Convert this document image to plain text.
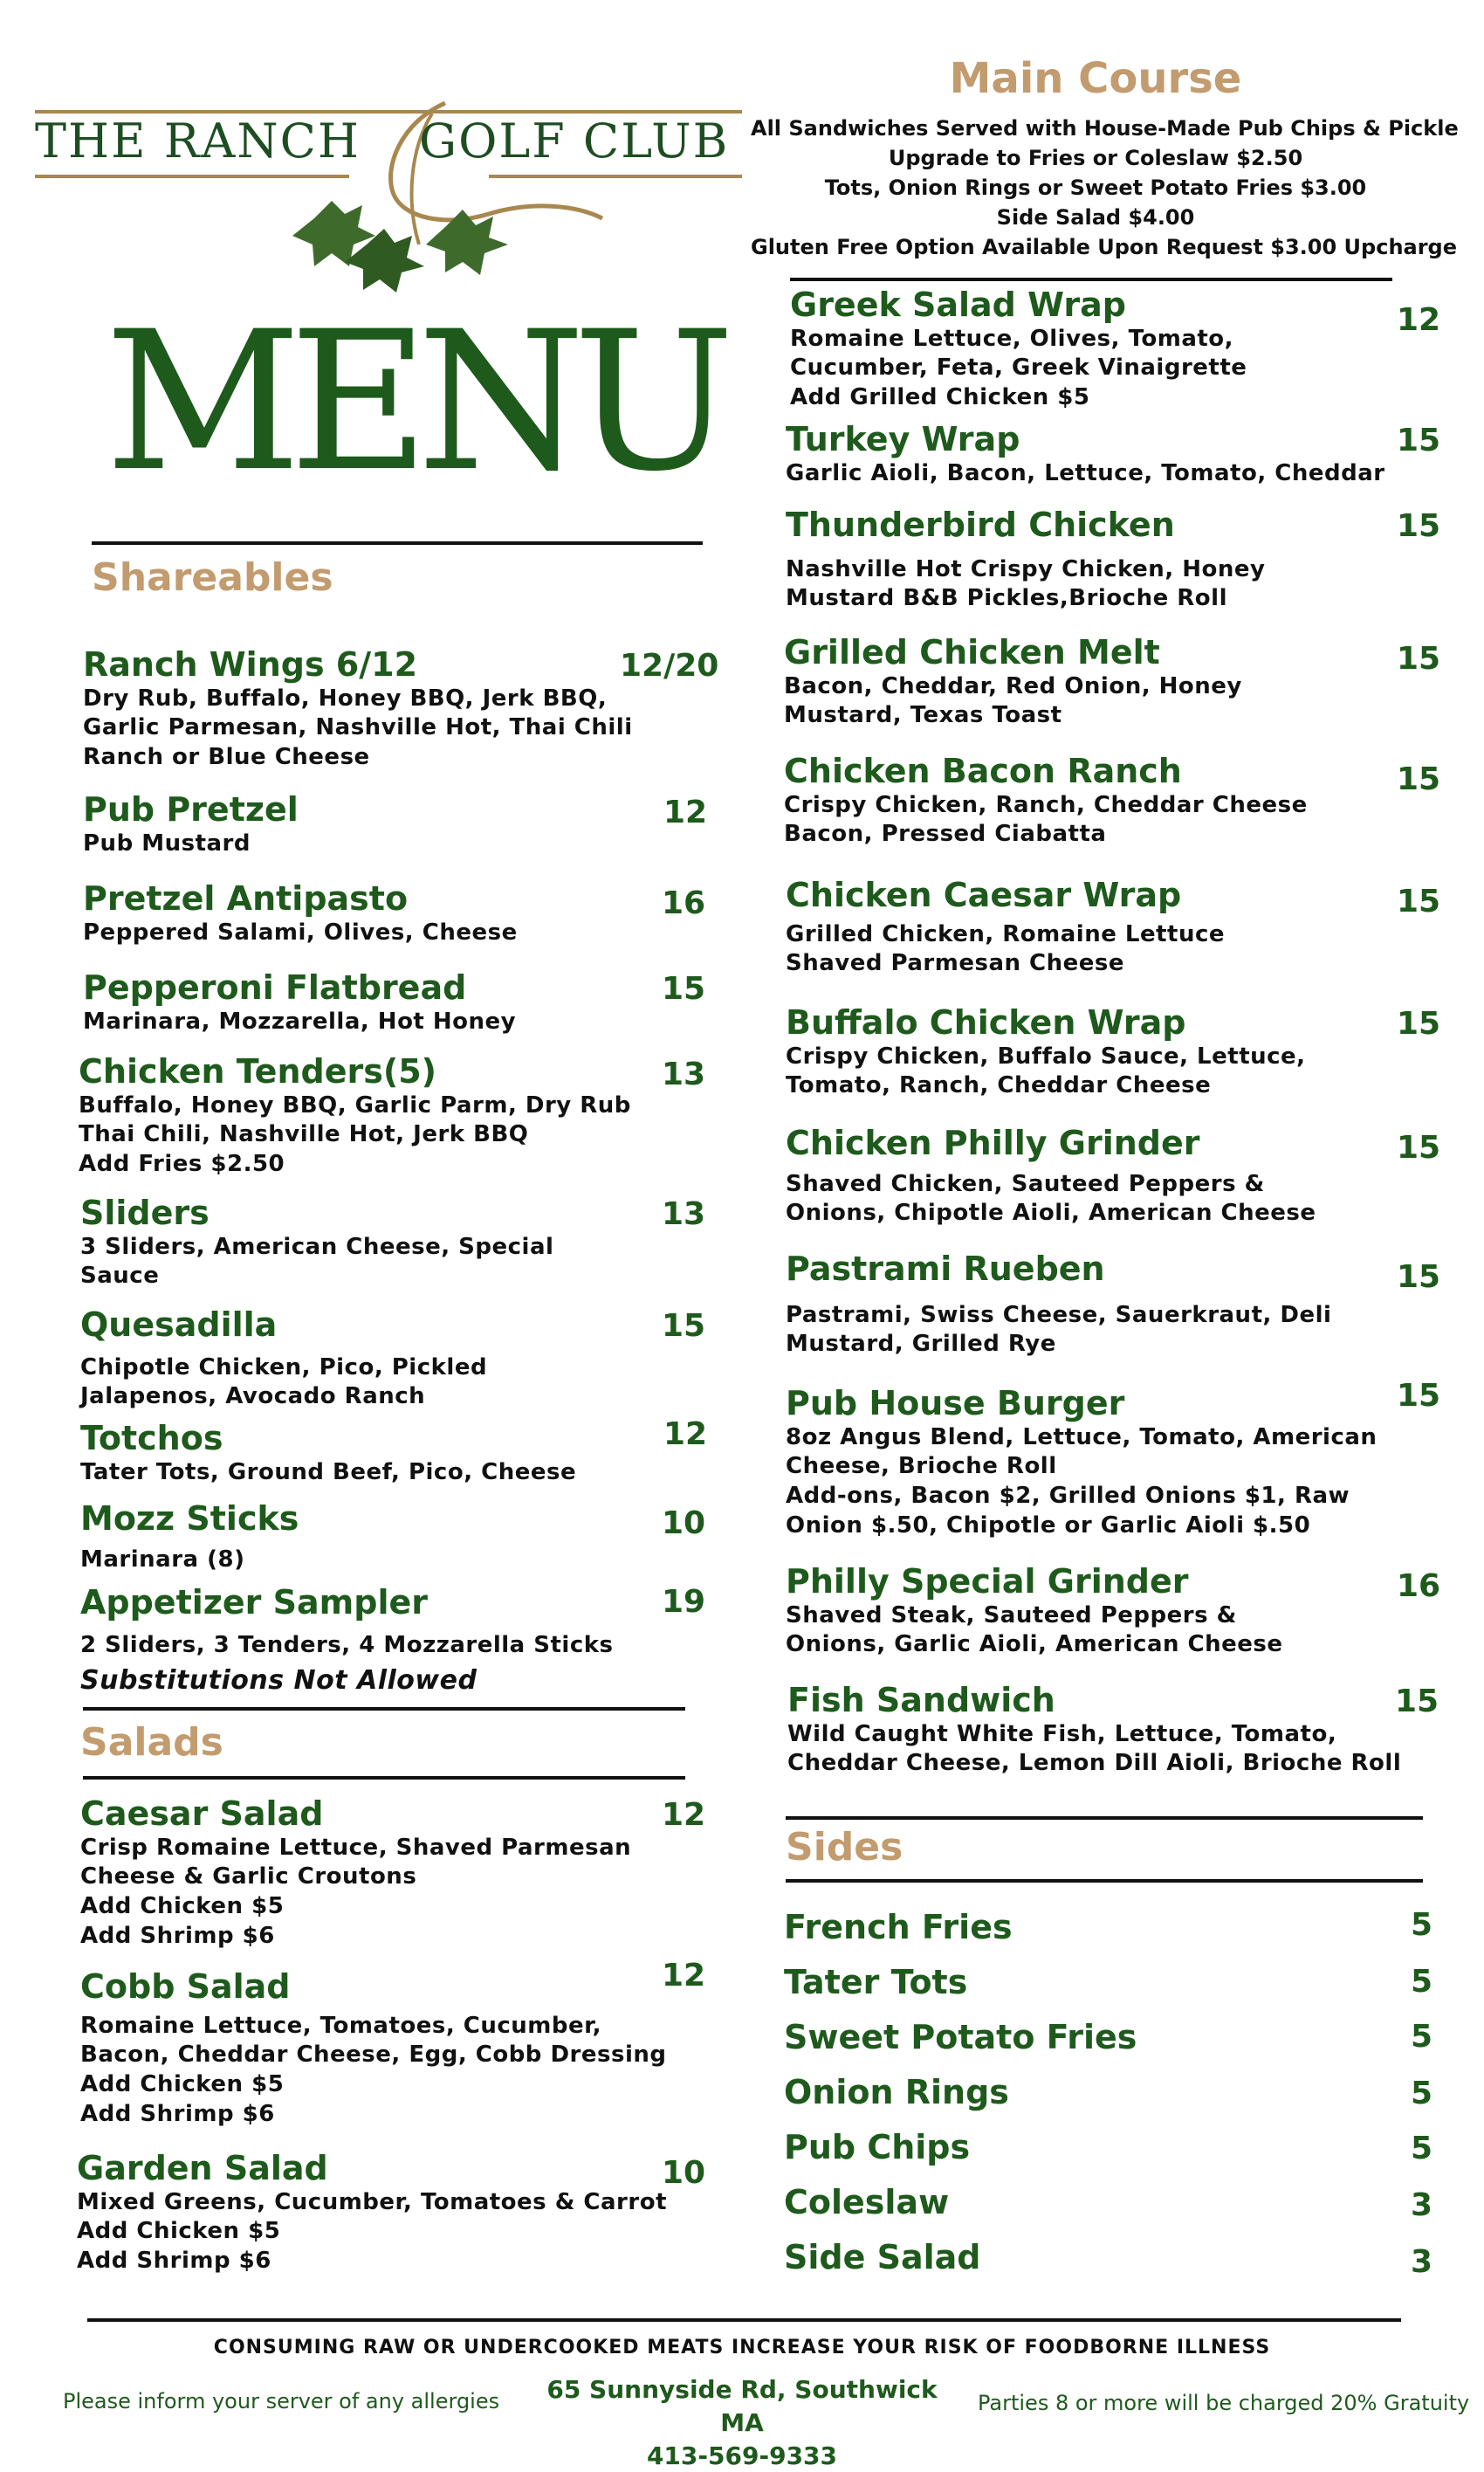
THE RANCH GOLF CLUB
MENU
Shareables
Ranch Wings 6/12
Dry Rub, Buffalo, Honey BBQ, Jerk BBQ,
Garlic Parmesan, Nashville Hot, Thai Chili
Ranch or Blue Cheese
12/20
Pub Pretzel
Pub Mustard
12
Pretzel Antipasto
Peppered Salami, Olives, Cheese
16
Pepperoni Flatbread
Marinara, Mozzarella, Hot Honey
15
Chicken Tenders(5)
Buffalo, Honey BBQ, Garlic Parm, Dry Rub
Thai Chili, Nashville Hot, Jerk BBQ
Add Fries $2.50
13
Sliders
3 Sliders, American Cheese, Special
Sauce
13
Quesadilla
Chipotle Chicken, Pico, Pickled
Jalapenos, Avocado Ranch
15
Totchos
Tater Tots, Ground Beef, Pico, Cheese
12
Mozz Sticks
Marinara (8)
10
Appetizer Sampler
2 Sliders, 3 Tenders, 4 Mozzarella Sticks
Substitutions Not Allowed
19
Salads
Caesar Salad
Crisp Romaine Lettuce, Shaved Parmesan
Cheese & Garlic Croutons
Add Chicken $5
Add Shrimp $6
12
Cobb Salad
Romaine Lettuce, Tomatoes, Cucumber,
Bacon, Cheddar Cheese, Egg, Cobb Dressing
Add Chicken $5
Add Shrimp $6
12
Garden Salad
Mixed Greens, Cucumber, Tomatoes & Carrot
Add Chicken $5
Add Shrimp $6
10
Main Course
All Sandwiches Served with House-Made Pub Chips & Pickle
Upgrade to Fries or Coleslaw $2.50
Tots, Onion Rings or Sweet Potato Fries $3.00
Side Salad $4.00
Gluten Free Option Available Upon Request $3.00 Upcharge
Greek Salad Wrap
Romaine Lettuce, Olives, Tomato,
Cucumber, Feta, Greek Vinaigrette
Add Grilled Chicken $5
12
Turkey Wrap
Garlic Aioli, Bacon, Lettuce, Tomato, Cheddar
15
Thunderbird Chicken
Nashville Hot Crispy Chicken, Honey
Mustard B&B Pickles,Brioche Roll
15
Grilled Chicken Melt
Bacon, Cheddar, Red Onion, Honey
Mustard, Texas Toast
15
Chicken Bacon Ranch
Crispy Chicken, Ranch, Cheddar Cheese
Bacon, Pressed Ciabatta
15
Chicken Caesar Wrap
Grilled Chicken, Romaine Lettuce
Shaved Parmesan Cheese
15
Buffalo Chicken Wrap
Crispy Chicken, Buffalo Sauce, Lettuce,
Tomato, Ranch, Cheddar Cheese
15
Chicken Philly Grinder
Shaved Chicken, Sauteed Peppers &
Onions, Chipotle Aioli, American Cheese
15
Pastrami Rueben
Pastrami, Swiss Cheese, Sauerkraut, Deli
Mustard, Grilled Rye
15
Pub House Burger
8oz Angus Blend, Lettuce, Tomato, American
Cheese, Brioche Roll
Add-ons, Bacon $2, Grilled Onions $1, Raw
Onion $.50, Chipotle or Garlic Aioli $.50
15
Philly Special Grinder
Shaved Steak, Sauteed Peppers &
Onions, Garlic Aioli, American Cheese
16
Fish Sandwich
Wild Caught White Fish, Lettuce, Tomato,
Cheddar Cheese, Lemon Dill Aioli, Brioche Roll
15
Sides
French Fries	5
Tater Tots	5
Sweet Potato Fries	5
Onion Rings	5
Pub Chips	5
Coleslaw	3
Side Salad	3
CONSUMING RAW OR UNDERCOOKED MEATS INCREASE YOUR RISK OF FOODBORNE ILLNESS
Please inform your server of any allergies	65 Sunnyside Rd, Southwick MA
413-569-9333
Parties 8 or more will be charged 20% Gratuity
